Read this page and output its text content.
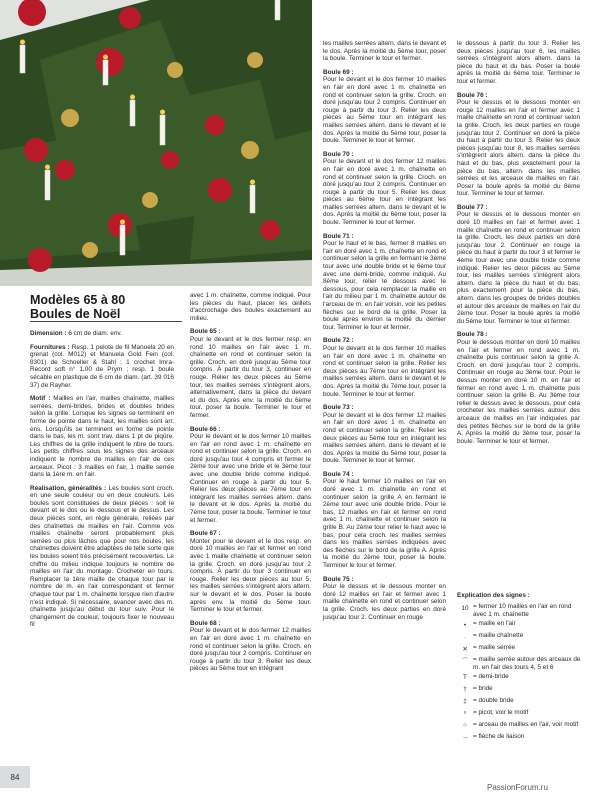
Modèles 65 à 80
Boules de Noël

Dimension : 6 cm de diam. env.

Fournitures : Resp. 1 pelote de fil Manuela 20 en grenat (col. M012) et Manuela Gold Fein (col. 8301) de Schoeller & Stahl ; 1 crochet Imra-Record soft n° 1,00 de Prym ; resp. 1 boule sécable en plastique de 6 cm de diam. (art. 39 016 37) de Rayher.

Motif : Mailles en l'air, mailles chaînette, mailles serrées, demi-brides, brides et doubles brides selon la grille. Lorsque les signes se terminent en forme de pointe dans le haut, les mailles sont arr. ens. Lorsqu'ils se terminent en forme de pointe dans le bas, les m. sont trav. dans 1 pt de piqûre. Les chiffres de la grille indiquent le nbre de tours. Les petits chiffres sous les signes des arceaux indiquent le nombre de mailles en l'air de ces arceaux. Picot : 3 mailles en l'air, 1 maille serrée dans la 1ère m. en l'air.

Réalisation, généralités : Les boules sont croch. en une seule couleur ou en deux couleurs. Les boules sont constituées de deux pièces : soit le devant et le dos ou le dessous et le dessus. Les deux pièces sont, en règle générale, reliées par des chaînettes de mailles en l'air. Comme vos mailles chaînette seront probablement plus serrées ou plus lâches que pour nos boules, les chaînettes doivent être adaptées de telle sorte que les boules soient très précisément recouvertes. Le chiffre du milieu indique toujours le nombre de mailles en l'air du montage. Crocheter en tours. Remplacer la 1ère maille de chaque tour par le nombre de m. en l'air correspondant et fermer chaque tour par 1 m. chaînette lorsque rien d'autre n'est indiqué. Si nécessaire, avancer avec des m. chaînette jusqu'au début du tour suiv. Pour le changement de couleur, toujours fixer le nouveau fil

avec 1 m. chaînette, comme indiqué. Pour les pièces du haut, placer les œillets d'accrochage des boules exactement au milieu.

Boule 65 :
Pour le devant et le dos fermer resp. en rond 10 mailles en l'air avec 1 m. chaînette en rond et continuer selon la grille. Croch. en doré jusqu'au 5ème tour compris. À partir du tour 3, continuer en rouge. Relier les deux pièces au 5ème tour, les mailles serrées s'intègrent alors, alternativement, dans la pièce du devant et du dos. Après env. la moitié du 6ème tour, poser la boule. Terminer le tour et fermer.

Boule 66 :
Pour le devant et le dos fermer 10 mailles en l'air en rond avec 1 m. chaînette en rond et continuer selon la grille. Croch. en doré jusqu'au tour 4 compris et fermer le 2ème tour avec une bride et le 3ème tour avec une double bride comme indiqué. Continuer en rouge à partir du tour 5. Relier les deux pièces au 7ème tour en intégrant les mailles serrées altern. dans le devant et le dos. Après la moitié du 7ème tour, poser la boule. Terminer le tour et fermer.

Boule 67 :
Monter pour le devant et le dos resp. en doré 10 mailles en l'air et fermer en rond avec 1 maille chaînette et continuer selon la grille. Croch. en doré jusqu'au tour 2 compris. À partir du tour 3 continuer en rouge. Relier les deux pièces au tour 5, les mailles serrées s'intègrent alors altern. sur le devant et le dos. Poser la boule après env. la moitié du 5ème tour. Terminer le tour et fermer.

Boule 68 :
Pour le devant et le dos fermer 12 mailles en l'air en doré avec 1 m. chaînette en rond et continuer selon la grille. Croch. en doré jusqu'au tour 2 compris. Continuer en rouge à partir du tour 3. Relier les deux pièces au 5ème tour en intégrant

les mailles serrées altern. dans le devant et le dos. Après la moitié du 5ème tour, poser la boule. Terminer le tour et fermer.

Boule 69 :
Pour le devant et le dos fermer 10 mailles en l'air en doré avec 1 m. chaînette en rond et continuer selon la grille. Croch. en doré jusqu'au tour 2 compris. Continuer en rouge à partir du tour 3. Relier les deux pièces au 5ème tour en intégrant les mailles serrées altern. dans le devant et le dos. Après la moitié du 5ème tour, poser la boule. Terminer le tour et fermer.

Boule 70 :
Pour le devant et le dos fermer 12 mailles en l'air en doré avec 1 m. chaînette en rond et continuer selon la grille. Croch. en doré jusqu'au tour 2 compris. Continuer en rouge à partir du tour 5. Relier les deux pièces au 6ème tour en intégrant les mailles serrées altern. dans le devant et le dos. Après la moitié du 6ème tour, poser la boule. Terminer le tour et fermer.

Boule 71 :
Pour le haut et le bas, fermer 8 mailles en l'air en doré avec 1 m. chaînette en rond et continuer selon la grille en fermant le 3ème tour avec une double bride et le 6ème tour avec une demi-bride, comme indiqué. Au 8ème tour, relier le dessous avec le dessous, pour cela remplacer la maille en l'air du milieu par 1 m. chaînette autour de l'arceau de m. en l'air voisin, voir les petites flèches sur le bord de la grille. Poser la boule après environ la moitié du dernier tour. Terminer le tour et fermer.

Boule 72 :
Pour le devant et le dos fermer 10 mailles en l'air en doré avec 1 m. chaînette en rond et continuer selon la grille. Relier les deux pièces au 7ème tour en intégrant les mailles serrées altern. dans le devant et le dos. Après la moitié du 7ème tour, poser la boule. Terminer le tour et fermer.

Boule 73 :
Pour le devant et le dos fermer 12 mailles en l'air en doré avec 1 m. chaînette en rond et continuer selon la grille. Relier les deux pièces au 5ème tour en intégrant les mailles serrées altern. dans le devant et le dos. Après la moitié du 5ème tour, poser la boule. Terminer le tour et fermer.

Boule 74 :
Pour le haut fermer 10 mailles en l'air en doré avec 1 m. chaînette en rond et continuer selon la grille A en fermant le 2ème tour avec une double bride. Pour le bas, 12 mailles en l'air et fermer en rond avec 1 m. chaînette et continuer selon la grille B. Au 2ème tour relier le haut avec le bas, pour cela croch. les mailles serrées dans les mailles serrées indiquées avec des flèches sur le bord de la grille A. Après la moitié du 2ème tour, poser la boule. Terminer le tour et fermer.

Boule 75 :
Pour le dessus et le dessous monter en doré 12 mailles en l'air et fermer avec 1 maille chaînette en rond et continuer selon la grille. Croch. les deux parties en doré jusqu'au tour 2. Continuer en rouge

le dessous à partir du tour 3. Relier les deux pièces jusqu'au tour 6, les mailles serrées s'intègrent alors altern. dans la pièce du haut et du bas. Poser la boule après la moitié du 6ème tour. Terminer le tour et fermer.

Boule 76 :
Pour le dessus et le dessous monter en rouge 12 mailles en l'air et fermer avec 1 maille chaînette en rond et continuer selon la grille. Croch. les deux parties en rouge jusqu'au tour 2. Continuer en doré la pièce du haut à partir du tour 3. Relier les deux pièces jusqu'au tour 8, les mailles serrées s'intègrent alors altern. dans la pièce du haut et du bas, plus exactement pour la pièce du bas, altern. dans les mailles serrées et les arceaux de mailles en l'air. Poser la boule après la moitié du 8ème tour. Terminer le tour et fermer.

Boule 77 :
Pour le dessus et le dessous monter en doré 10 mailles en l'air et fermer avec 1 maille chaînette en rond et continuer selon la grille. Croch. les deux parties en doré jusqu'au tour 2. Continuer en rouge la pièce du haut à partir du tour 3 et fermer le 4ème tour avec une double bride comme indiqué. Relier les deux pièces au 5ème tour, les mailles serrées s'intègrent alors altern. dans la pièce du haut et du bas, plus exactement pour la pièce du bas, altern. dans les groupes de brides doubles et autour des arceaux de mailles en l'air du 2ème tour. Poser la boule après la moitié du 5ème tour. Terminer le tour et fermer.

Boule 78 :
Pour le dessous monter en doré 10 mailles en l'air et fermer en rond avec 1 m. chaînette puis continuer selon la grille A. Croch. en doré jusqu'au tour 2 compris. Continuer en rouge au 3ème tour. Pour le dessus monter en doré 10 m. en l'air et fermer en rond avec 1 m. chaînette puis continuer selon la grille B. Au 3ème tour relier le dessus avec le dessous, pour cela crocheter les mailles serrées autour des arceaux de mailles en l'air indiquées par des petites flèches sur le bord de la grille A. Après la moitié du 3ème tour, poser la boule. Terminer le tour et fermer.

Explication des signes :
10 = fermer 10 mailles en l'air en rond avec 1 m. chaînette
•	= maille en l'air
·	= maille chaînette
✕ = maille serrée
⌒ = maille serrée autour des arceaux de m. en l'air des tours 4, 5 et 6
T = demi-bride
† = bride
‡ = double bride
ᵒ	= picot, voir le motif
○ = arceau de mailles en l'air, voir motif
→ = flèche de liaison
84
PassionForum.ru
